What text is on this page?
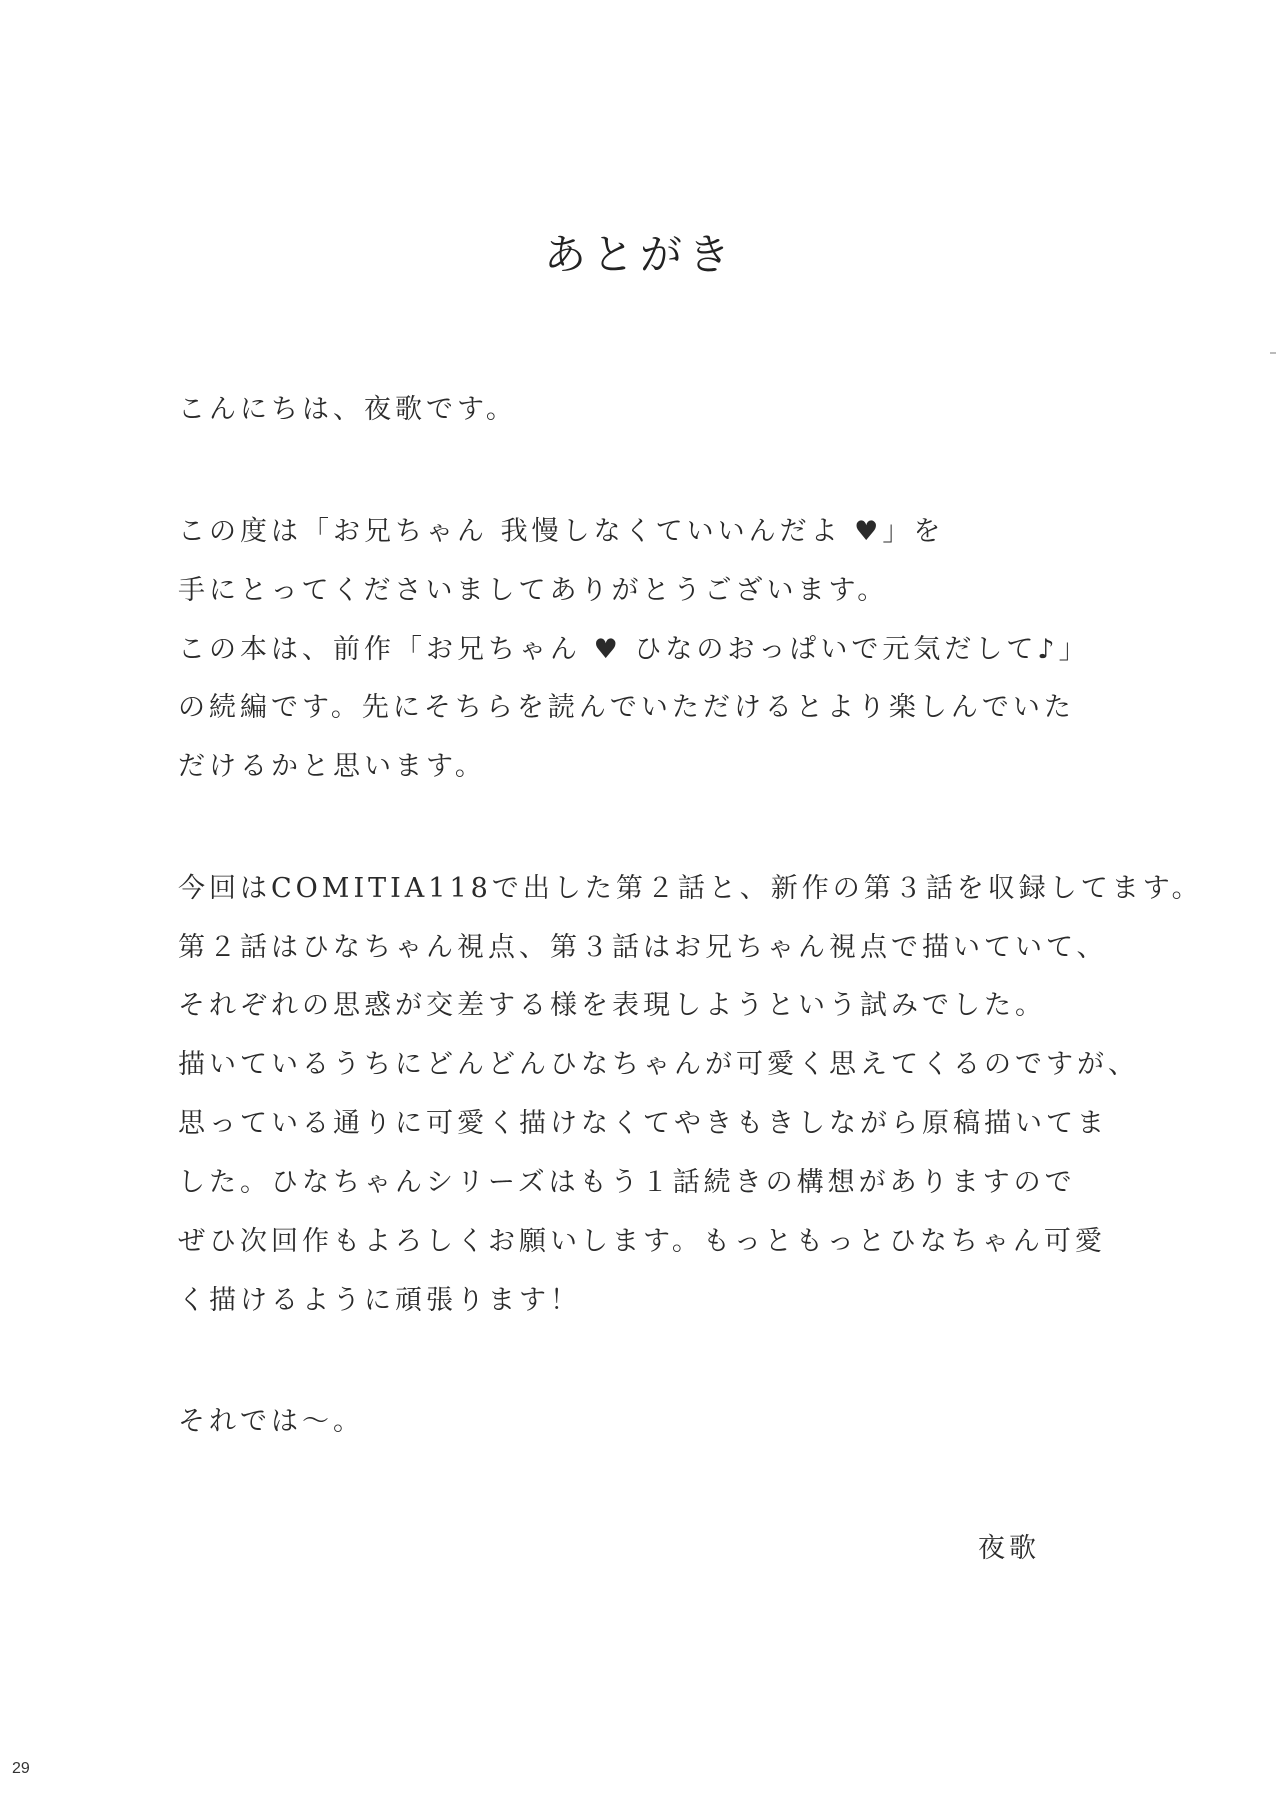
あとがき
こんにちは、夜歌です。
この度は「お兄ちゃん 我慢しなくていいんだよ ♥」を
手にとってくださいましてありがとうございます。
この本は、前作「お兄ちゃん ♥ ひなのおっぱいで元気だして♪」
の続編です。先にそちらを読んでいただけるとより楽しんでいた
だけるかと思います。
今回はCOMITIA118で出した第２話と、新作の第３話を収録してます。
第２話はひなちゃん視点、第３話はお兄ちゃん視点で描いていて、
それぞれの思惑が交差する様を表現しようという試みでした。
描いているうちにどんどんひなちゃんが可愛く思えてくるのですが、
思っている通りに可愛く描けなくてやきもきしながら原稿描いてま
した。ひなちゃんシリーズはもう１話続きの構想がありますので
ぜひ次回作もよろしくお願いします。もっともっとひなちゃん可愛
く描けるように頑張ります！
それでは～。
夜歌
29
